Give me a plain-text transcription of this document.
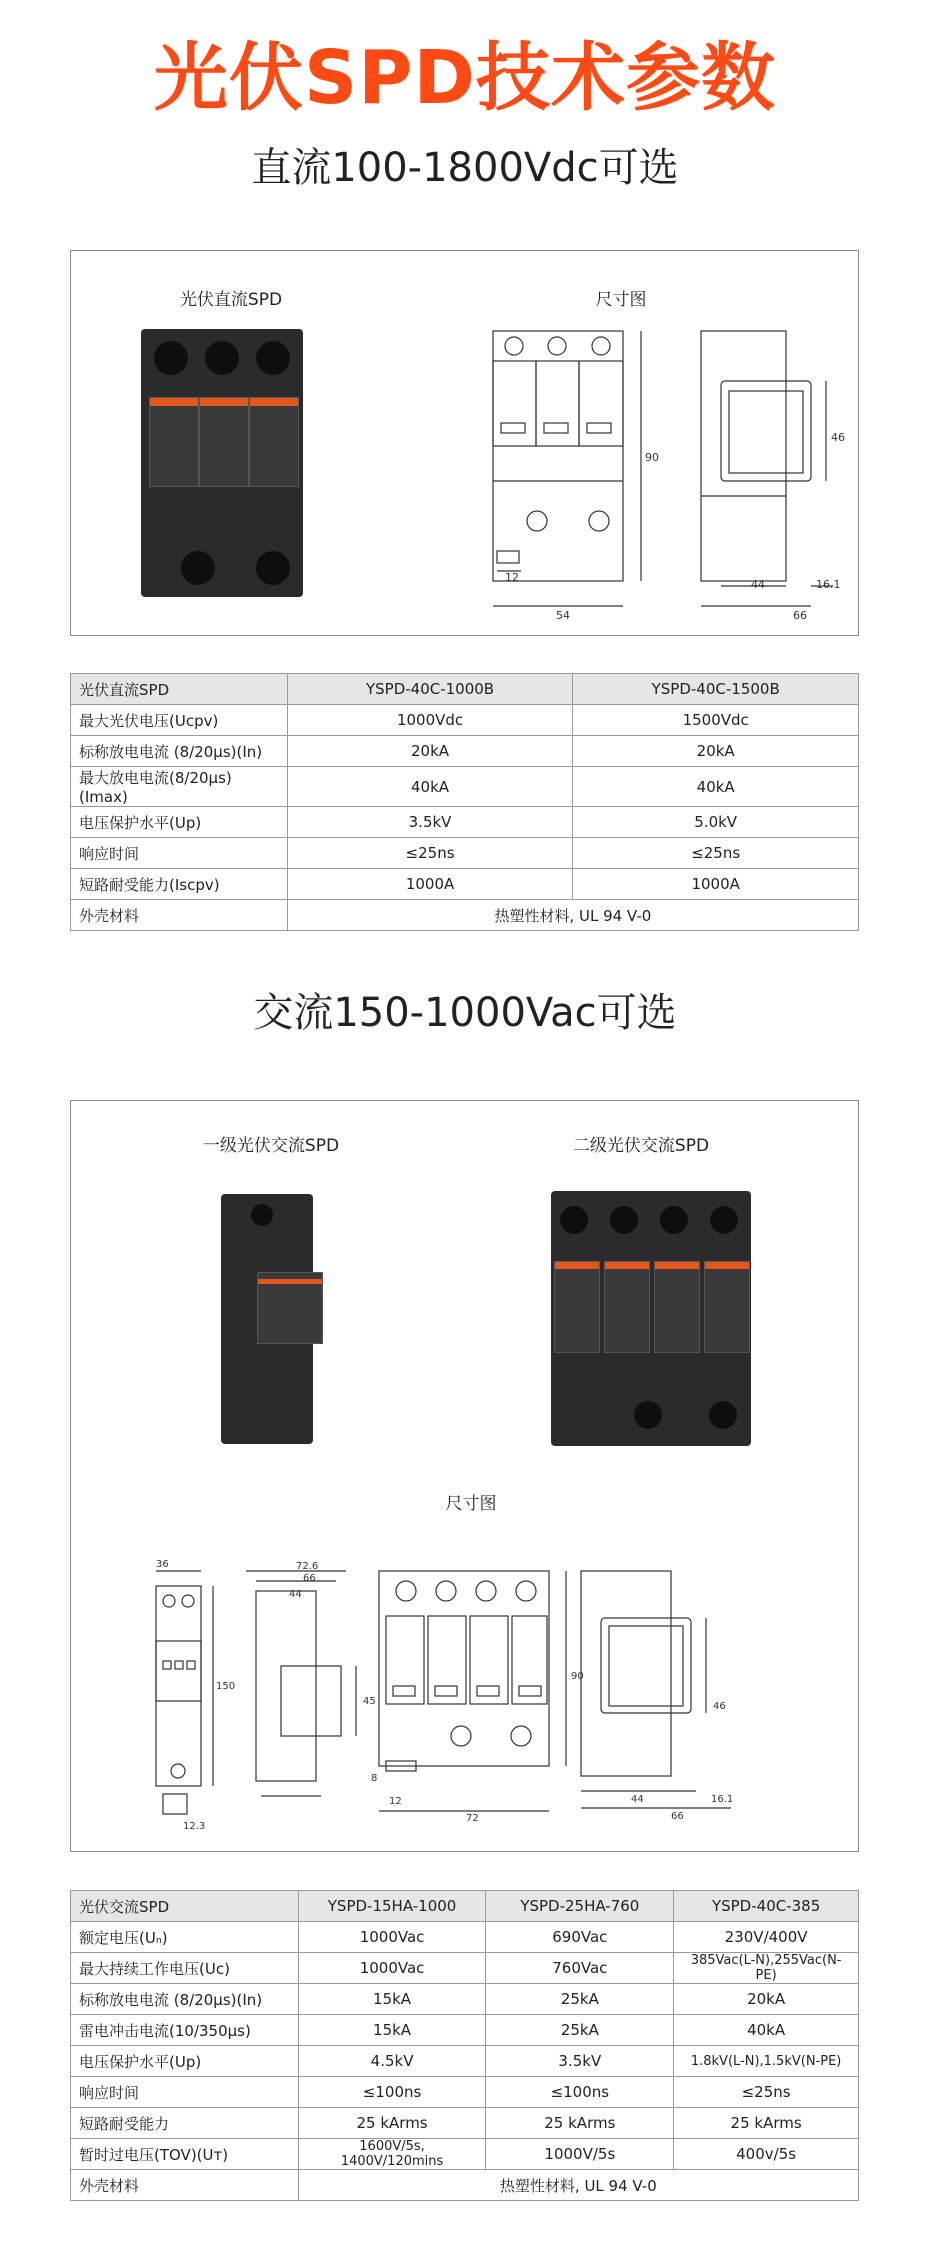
光伏SPD技术参数
直流100-1800Vdc可选
光伏直流SPD	尺寸图
90
54
12
66
44	16.1
46
光伏直流SPD	YSPD-40C-1000B	YSPD-40C-1500B
最大光伏电压(Ucpv)	1000Vdc	1500Vdc
标称放电电流 (8/20μs)(In)	20kA	20kA
最大放电电流(8/20μs)(Imax)	40kA	40kA
电压保护水平(Up)	3.5kV	5.0kV
响应时间	≤25ns	≤25ns
短路耐受能力(Iscpv)	1000A	1000A
外壳材料	热塑性材料, UL 94 V-0	
交流150-1000Vac可选
一级光伏交流SPD	二级光伏交流SPD
尺寸图
36
150
72.6
66
44
45
12.3
90
72
12
8
66
44	16.1
46
光伏交流SPD	YSPD-15HA-1000	YSPD-25HA-760	YSPD-40C-385
额定电压(Uₙ)	1000Vac	690Vac	230V/400V
最大持续工作电压(Uc)	1000Vac	760Vac	385Vac(L-N),255Vac(N-PE)
标称放电电流 (8/20μs)(In)	15kA	25kA	20kA
雷电冲击电流(10/350μs)	15kA	25kA	40kA
电压保护水平(Up)	4.5kV	3.5kV	1.8kV(L-N),1.5kV(N-PE)
响应时间	≤100ns	≤100ns	≤25ns
短路耐受能力	25 kArms	25 kArms	25 kArms
暂时过电压(TOV)(Uт)	1600V/5s, 1400V/120mins	1000V/5s	400v/5s
外壳材料	热塑性材料, UL 94 V-0		
